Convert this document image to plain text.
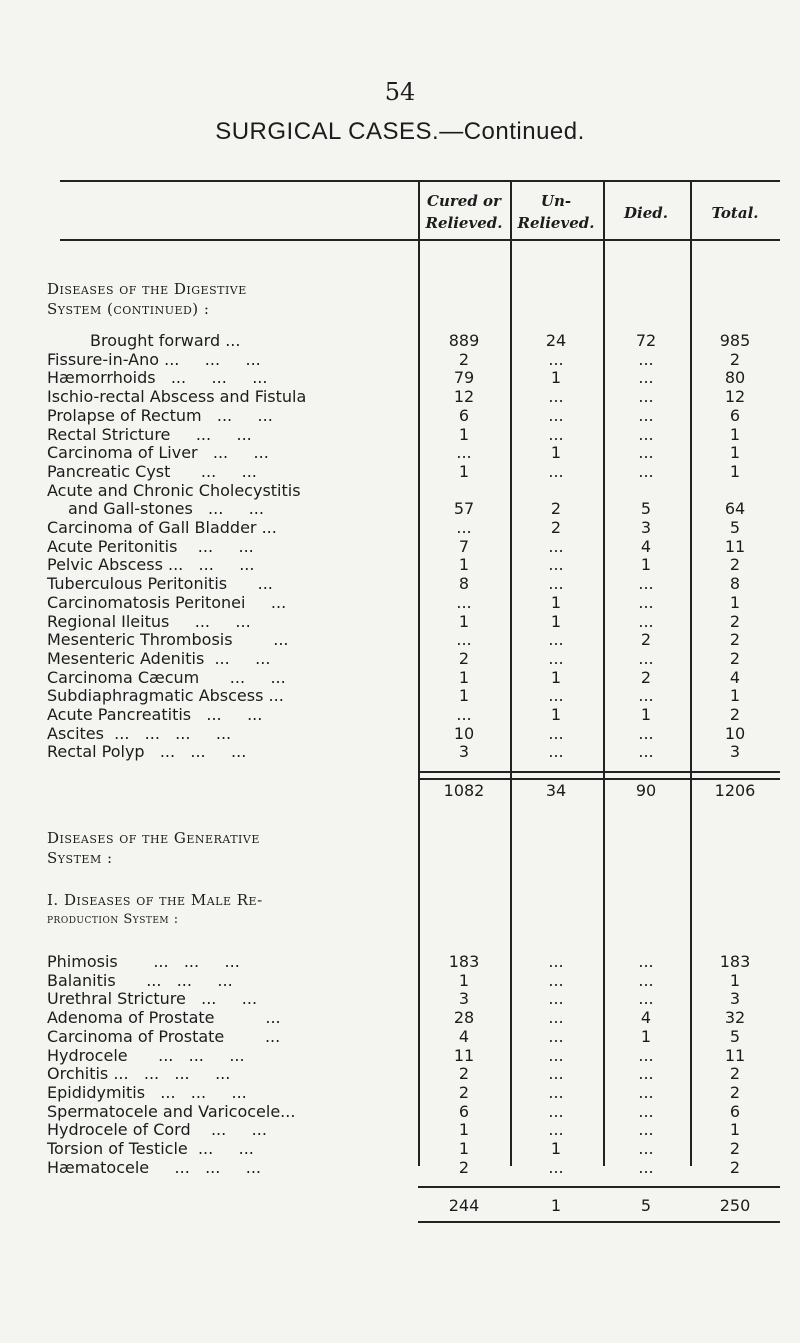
54
SURGICAL CASES.—Continued.
Cured or
Relieved.
Un-
Relieved.
Died.	Total.
Diseases of the Digestive
System (continued) :
Brought forward ...	889	24	72	985
Fissure-in-Ano ...     ...     ...	2	...	...	2
Hæmorrhoids   ...     ...     ...	79	1	...	80
Ischio-rectal Abscess and Fistula	12	...	...	12
Prolapse of Rectum   ...     ...	6	...	...	6
Rectal Stricture     ...     ...	1	...	...	1
Carcinoma of Liver   ...     ...	...	1	...	1
Pancreatic Cyst      ...     ...	1	...	...	1
Acute and Chronic Cholecystitis
and Gall-stones   ...     ...	57	2	5	64
Carcinoma of Gall Bladder ...	...	2	3	5
Acute Peritonitis    ...     ...	7	...	4	11
Pelvic Abscess ...   ...     ...	1	...	1	2
Tuberculous Peritonitis      ...	8	...	...	8
Carcinomatosis Peritonei     ...	...	1	...	1
Regional Ileitus     ...     ...	1	1	...	2
Mesenteric Thrombosis        ...	...	...	2	2
Mesenteric Adenitis  ...     ...	2	...	...	2
Carcinoma Cæcum      ...     ...	1	1	2	4
Subdiaphragmatic Abscess ...	1	...	...	1
Acute Pancreatitis   ...     ...	...	1	1	2
Ascites  ...   ...   ...     ...	10	...	...	10
Rectal Polyp   ...   ...     ...	3	...	...	3
1082	34	90	1206
Diseases of the Generative
System :
I. Diseases of the Male Re-
production System :
Phimosis       ...   ...     ...	183	...	...	183
Balanitis      ...   ...     ...	1	...	...	1
Urethral Stricture   ...     ...	3	...	...	3
Adenoma of Prostate          ...	28	...	4	32
Carcinoma of Prostate        ...	4	...	1	5
Hydrocele      ...   ...     ...	11	...	...	11
Orchitis ...   ...   ...     ...	2	...	...	2
Epididymitis   ...   ...     ...	2	...	...	2
Spermatocele and Varicocele...	6	...	...	6
Hydrocele of Cord    ...     ...	1	...	...	1
Torsion of Testicle  ...     ...	1	1	...	2
Hæmatocele     ...   ...     ...	2	...	...	2
244	1	5	250
